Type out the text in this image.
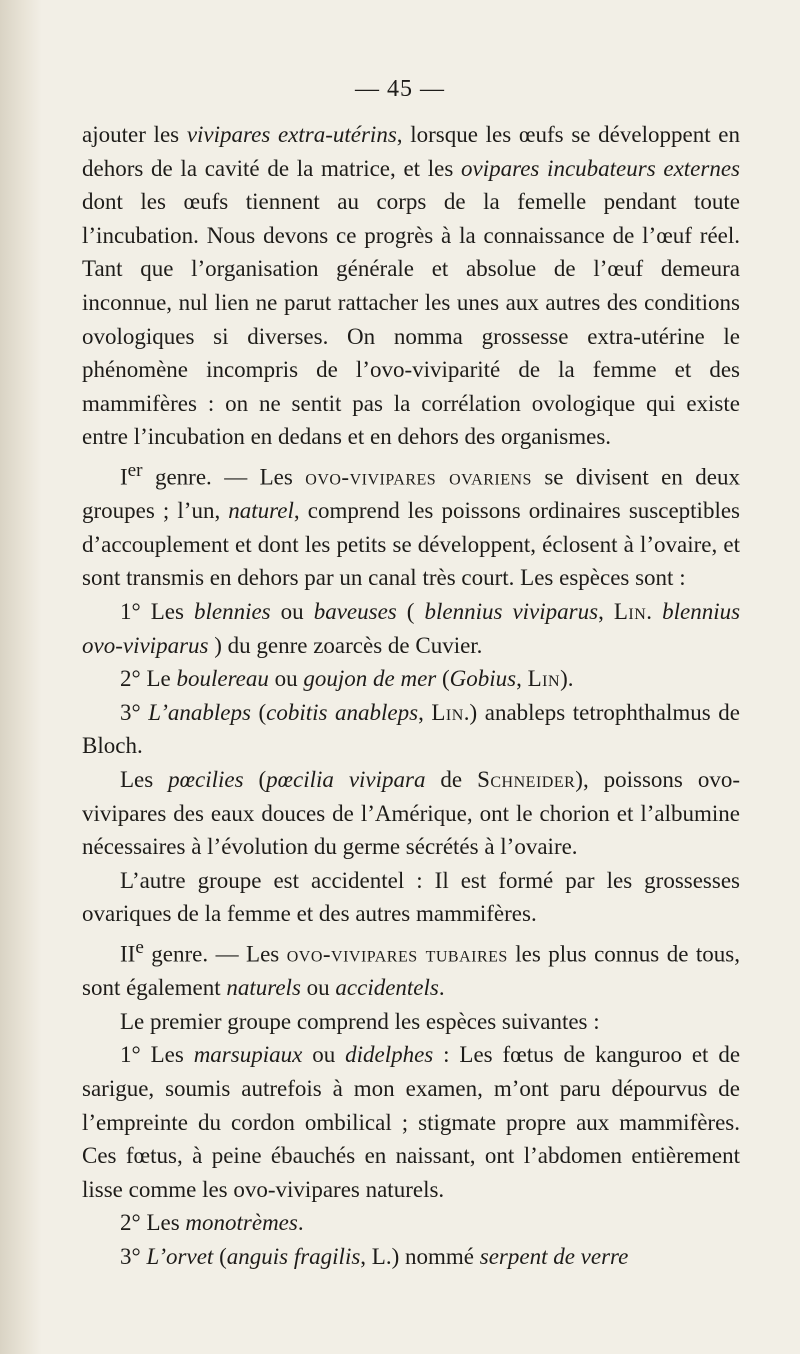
— 45 —

ajouter les vivipares extra-utérins, lorsque les œufs se développent en dehors de la cavité de la matrice, et les ovipares incubateurs externes dont les œufs tiennent au corps de la femelle pendant toute l’incubation. Nous devons ce progrès à la connaissance de l’œuf réel. Tant que l’organisation générale et absolue de l’œuf demeura inconnue, nul lien ne parut rattacher les unes aux autres des conditions ovologiques si diverses. On nomma grossesse extra-utérine le phénomène incompris de l’ovo-viviparité de la femme et des mammifères : on ne sentit pas la corrélation ovologique qui existe entre l’incubation en dedans et en dehors des organismes.

Ier genre. — Les ovo-vivipares ovariens se divisent en deux groupes ; l’un, naturel, comprend les poissons ordinaires susceptibles d’accouplement et dont les petits se développent, éclosent à l’ovaire, et sont transmis en dehors par un canal très court. Les espèces sont :

1° Les blennies ou baveuses ( blennius viviparus, Lin. blennius ovo-viviparus ) du genre zoarcès de Cuvier.

2° Le boulereau ou goujon de mer (Gobius, Lin).

3° L’anableps (cobitis anableps, Lin.) anableps tetrophthalmus de Bloch.

Les pœcilies (pœcilia vivipara de Schneider), poissons ovo-vivipares des eaux douces de l’Amérique, ont le chorion et l’albumine nécessaires à l’évolution du germe sécrétés à l’ovaire.

L’autre groupe est accidentel : Il est formé par les grossesses ovariques de la femme et des autres mammifères.

IIe genre. — Les ovo-vivipares tubaires les plus connus de tous, sont également naturels ou accidentels.

Le premier groupe comprend les espèces suivantes :

1° Les marsupiaux ou didelphes : Les fœtus de kanguroo et de sarigue, soumis autrefois à mon examen, m’ont paru dépourvus de l’empreinte du cordon ombilical ; stigmate propre aux mammifères. Ces fœtus, à peine ébauchés en naissant, ont l’abdomen entièrement lisse comme les ovo-vivipares naturels.

2° Les monotrèmes.

3° L’orvet (anguis fragilis, L.) nommé serpent de verre
